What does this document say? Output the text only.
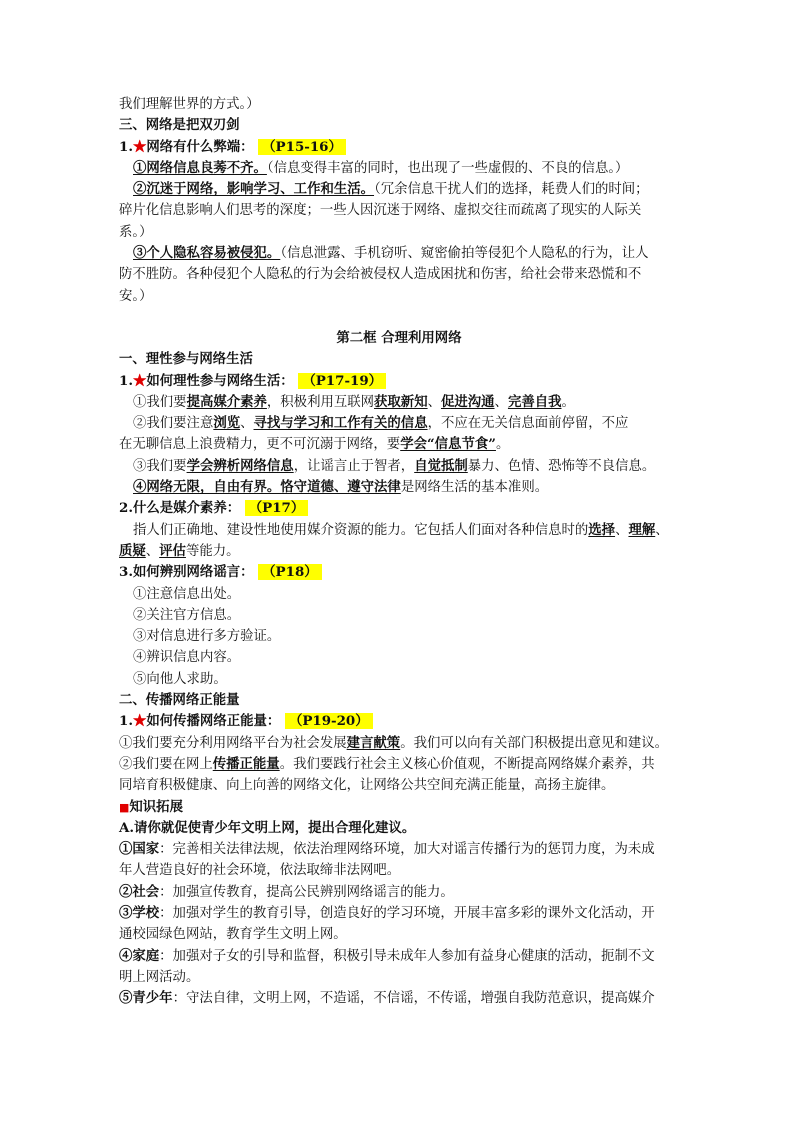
我们理解世界的方式。）
三、网络是把双刃剑
1.★网络有什么弊端： （P15-16）
①网络信息良莠不齐。（信息变得丰富的同时，也出现了一些虚假的、不良的信息。）
②沉迷于网络，影响学习、工作和生活。（冗余信息干扰人们的选择，耗费人们的时间；
碎片化信息影响人们思考的深度；一些人因沉迷于网络、虚拟交往而疏离了现实的人际关
系。）
③个人隐私容易被侵犯。（信息泄露、手机窃听、窥密偷拍等侵犯个人隐私的行为，让人
防不胜防。各种侵犯个人隐私的行为会给被侵权人造成困扰和伤害，给社会带来恐慌和不
安。）
第二框 合理利用网络
一、理性参与网络生活
1.★如何理性参与网络生活： （P17-19）
①我们要提高媒介素养，积极利用互联网获取新知、促进沟通、完善自我。
②我们要注意浏览、寻找与学习和工作有关的信息，不应在无关信息面前停留，不应
在无聊信息上浪费精力，更不可沉溺于网络，要学会“信息节食”。
③我们要学会辨析网络信息，让谣言止于智者，自觉抵制暴力、色情、恐怖等不良信息。
④网络无限，自由有界。恪守道德、遵守法律是网络生活的基本准则。
2.什么是媒介素养： （P17）
指人们正确地、建设性地使用媒介资源的能力。它包括人们面对各种信息时的选择、理解、
质疑、评估等能力。
3.如何辨别网络谣言： （P18）
①注意信息出处。
②关注官方信息。
③对信息进行多方验证。
④辨识信息内容。
⑤向他人求助。
二、传播网络正能量
1.★如何传播网络正能量： （P19-20）
①我们要充分利用网络平台为社会发展建言献策。我们可以向有关部门积极提出意见和建议。
②我们要在网上传播正能量。我们要践行社会主义核心价值观，不断提高网络媒介素养，共
同培育积极健康、向上向善的网络文化，让网络公共空间充满正能量，高扬主旋律。
■知识拓展
A.请你就促使青少年文明上网，提出合理化建议。
①国家：完善相关法律法规，依法治理网络环境，加大对谣言传播行为的惩罚力度，为未成
年人营造良好的社会环境，依法取缔非法网吧。
②社会：加强宣传教育，提高公民辨别网络谣言的能力。
③学校：加强对学生的教育引导，创造良好的学习环境，开展丰富多彩的课外文化活动，开
通校园绿色网站，教育学生文明上网。
④家庭：加强对子女的引导和监督，积极引导未成年人参加有益身心健康的活动，扼制不文
明上网活动。
⑤青少年：守法自律，文明上网，不造谣，不信谣，不传谣，增强自我防范意识，提高媒介
